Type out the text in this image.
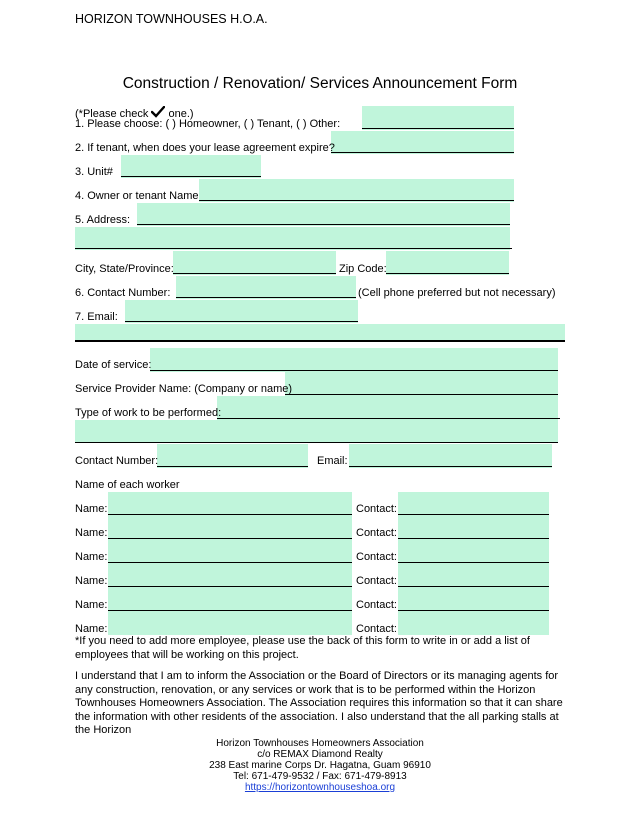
HORIZON TOWNHOUSES H.O.A.
Construction / Renovation/ Services Announcement Form
(*Please check one.)
1. Please choose: ( ) Homeowner, ( ) Tenant, ( ) Other:
2. If tenant, when does your lease agreement expire?
3. Unit#
4. Owner or tenant Name
5. Address:
City, State/Province:	Zip Code:
6. Contact Number:	(Cell phone preferred but not necessary)
7. Email:
Date of service:
Service Provider Name: (Company or name)
Type of work to be performed:
Contact Number:	Email:
Name of each worker
Name:	Contact:
Name:	Contact:
Name:	Contact:
Name:	Contact:
Name:	Contact:
Name:	Contact:
*If you need to add more employee, please use the back of this form to write in or add a list of employees that will be working on this project.
I understand that I am to inform the Association or the Board of Directors or its managing agents for any construction, renovation, or any services or work that is to be performed within the Horizon Townhouses Homeowners Association. The Association requires this information so that it can share the information with other residents of the association. I also understand that the all parking stalls at the Horizon
Horizon Townhouses Homeowners Association
c/o REMAX Diamond Realty
238 East marine Corps Dr. Hagatna, Guam 96910
Tel: 671-479-9532 / Fax: 671-479-8913
https://horizontownhouseshoa.org
